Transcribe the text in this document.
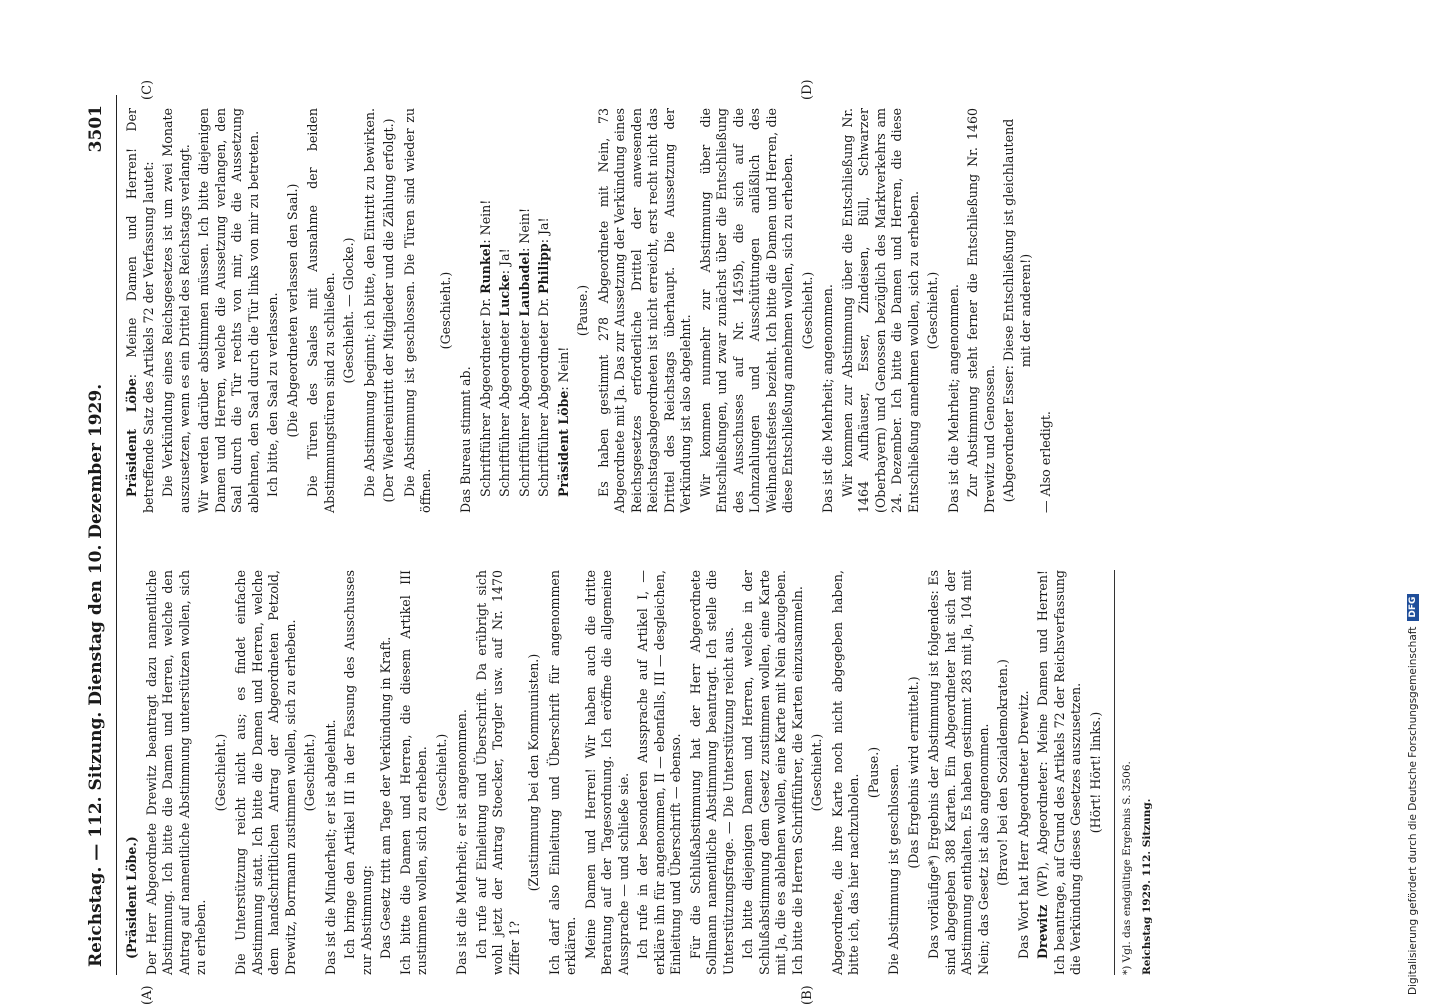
Reichstag. — 112. Sitzung. Dienstag den 10. Dezember 1929.
3501
(A)	(B)
(C)	(D)

(Präsident Löbe.) Der Herr Abgeordnete Drewitz beantragt dazu namentliche Abstimmung. Ich bitte die Damen und Herren, welche den Antrag auf namentliche Abstimmung unterstützen wollen, sich zu erheben.

(Geschieht.) Die Unterstützung reicht nicht aus; es findet einfache Abstimmung statt. Ich bitte die Damen und Herren, welche dem handschriftlichen Antrag der Abgeordneten Petzold, Drewitz, Borrmann zustimmen wollen, sich zu erheben. (Geschieht.) Das ist die Minderheit; er ist abgelehnt. Ich bringe den Artikel III in der Fassung des Ausschusses zur Abstimmung: Das Gesetz tritt am Tage der Verkündung in Kraft. Ich bitte die Damen und Herren, die diesem Artikel III zustimmen wollen, sich zu erheben. (Geschieht.) Das ist die Mehrheit; er ist angenommen. Ich rufe auf Einleitung und Überschrift. Da erübrigt sich wohl jetzt der Antrag Stoecker, Torgler usw. auf Nr. 1470 Ziffer 1?

(Zustimmung bei den Kommunisten.) Ich darf also Einleitung und Überschrift für angenommen erklären. Meine Damen und Herren! Wir haben auch die dritte Beratung auf der Tagesordnung. Ich eröffne die allgemeine Aussprache — und schließe sie. Ich rufe in der besonderen Aussprache auf Artikel I, — erkläre ihn für angenommen, II — ebenfalls, III — desgleichen, Einleitung und Überschrift — ebenso. Für die Schlußabstimmung hat der Herr Abgeordnete Sollmann namentliche Abstimmung beantragt. Ich stelle die Unterstützungsfrage. — Die Unterstützung reicht aus. Ich bitte diejenigen Damen und Herren, welche in der Schlußabstimmung dem Gesetz zustimmen wollen, eine Karte mit Ja, die es ablehnen wollen, eine Karte mit Nein abzugeben. Ich bitte die Herren Schriftführer, die Karten einzusammeln. (Geschieht.) Abgeordnete, die ihre Karte noch nicht abgegeben haben, bitte ich, das hier nachzuholen.

(Pause.) Die Abstimmung ist geschlossen. (Das Ergebnis wird ermittelt.) Das vorläufige*) Ergebnis der Abstimmung ist folgendes: Es sind abgegeben 388 Karten. Ein Abgeordneter hat sich der Abstimmung enthalten. Es haben gestimmt 283 mit Ja, 104 mit Nein; das Gesetz ist also angenommen. (Bravo! bei den Sozialdemokraten.) Das Wort hat Herr Abgeordneter Drewitz. Drewitz (WP), Abgeordneter: Meine Damen und Herren! Ich beantrage, auf Grund des Artikels 72 der Reichsverfassung die Verkündung dieses Gesetzes auszusetzen. (Hört! Hört! links.)	*) Vgl. das endgültige Ergebnis S. 3506. Reichstag 1929. 112. Sitzung.

Präsident Löbe: Meine Damen und Herren! Der betreffende Satz des Artikels 72 der Verfassung lautet: Die Verkündung eines Reichsgesetzes ist um zwei Monate auszusetzen, wenn es ein Drittel des Reichstags verlangt. Wir werden darüber abstimmen müssen. Ich bitte diejenigen Damen und Herren, welche die Aussetzung verlangen, den Saal durch die Tür rechts von mir, die die Aussetzung ablehnen, den Saal durch die Tür links von mir zu betreten. Ich bitte, den Saal zu verlassen. (Die Abgeordneten verlassen den Saal.) Die Türen des Saales mit Ausnahme der beiden Abstimmungstüren sind zu schließen. (Geschieht. — Glocke.) Die Abstimmung beginnt; ich bitte, den Eintritt zu bewirken. (Der Wiedereintritt der Mitglieder und die Zählung erfolgt.) Die Abstimmung ist geschlossen. Die Türen sind wieder zu öffnen.

(Geschieht.)

Das Bureau stimmt ab. Schriftführer Abgeordneter Dr. Runkel: Nein!

Schriftführer Abgeordneter Lucke: Ja!

Schriftführer Abgeordneter Laubadel: Nein!

Schriftführer Abgeordneter Dr. Philipp: Ja!

Präsident Löbe: Nein!

(Pause.) Es haben gestimmt 278 Abgeordnete mit Nein, 73 Abgeordnete mit Ja. Das zur Aussetzung der Verkündung eines Reichsgesetzes erforderliche Drittel der anwesenden Reichstagsabgeordneten ist nicht erreicht, erst recht nicht das Drittel des Reichstags überhaupt. Die Aussetzung der Verkündung ist also abgelehnt. Wir kommen nunmehr zur Abstimmung über die Entschließungen, und zwar zunächst über die Entschließung des Ausschusses auf Nr. 1459b, die sich auf die Lohnzahlungen und Ausschüttungen anläßlich des Weihnachtsfestes bezieht. Ich bitte die Damen und Herren, die diese Entschließung annehmen wollen, sich zu erheben. (Geschieht.) Das ist die Mehrheit; angenommen. Wir kommen zur Abstimmung über die Entschließung Nr. 1464 Aufhäuser, Esser, Zindeisen, Büll, Schwarzer (Oberbayern) und Genossen bezüglich des Marktverkehrs am 24. Dezember. Ich bitte die Damen und Herren, die diese Entschließung annehmen wollen, sich zu erheben. (Geschieht.) Das ist die Mehrheit; angenommen. Zur Abstimmung steht ferner die Entschließung Nr. 1460 Drewitz und Genossen. (Abgeordneter Esser: Diese Entschließung ist gleichlautend mit der anderen!)

— Also erledigt.

Digitalisierung gefördert durch die Deutsche Forschungsgemeinschaft
DFG
